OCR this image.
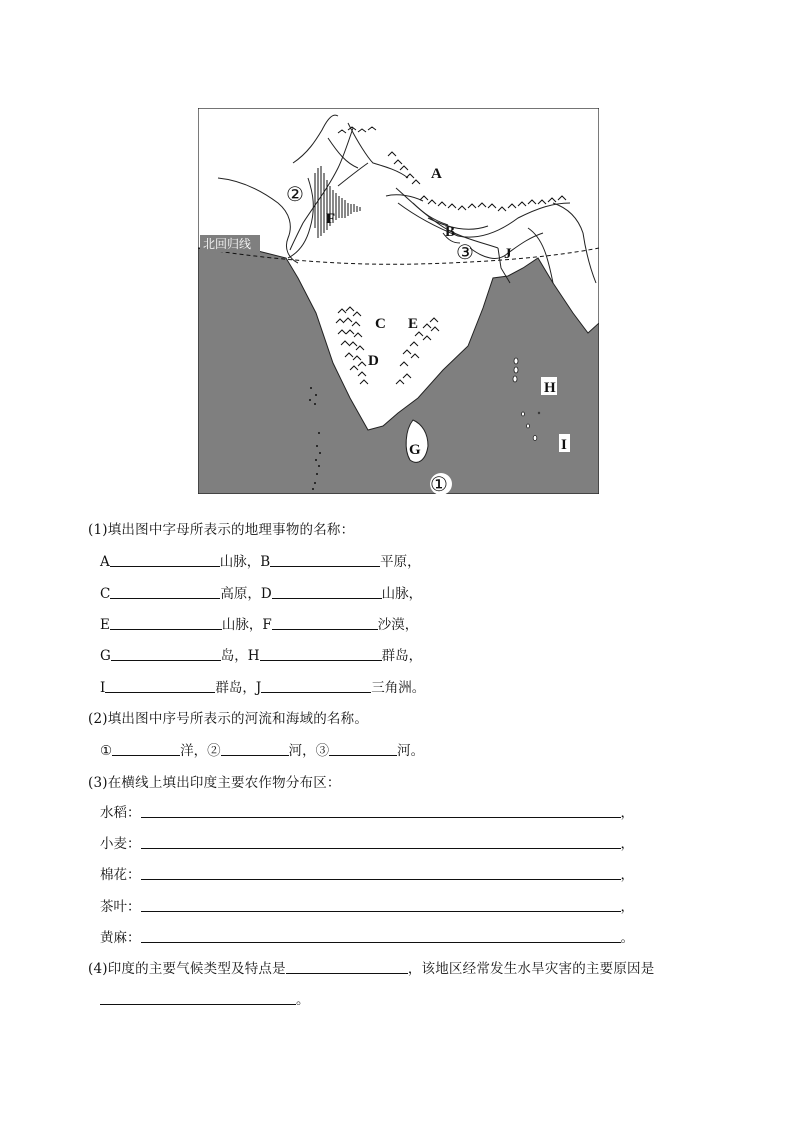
北回归线
A
B
C
D
E
F
G
J
H
I
①
②
③
(1)填出图中字母所表示的地理事物的名称：
A	山脉，B	平原，
C	高原，D	山脉，
E	山脉，F	沙漠，
G	岛，H	群岛，
I	群岛，J	三角洲。
(2)填出图中序号所表示的河流和海域的名称。
①	洋，②	河，③	河。
(3)在横线上填出印度主要农作物分布区：
水稻：	，
小麦：	，
棉花：	，
茶叶：	，
黄麻：	。
(4)印度的主要气候类型及特点是	，该地区经常发生水旱灾害的主要原因是
。
